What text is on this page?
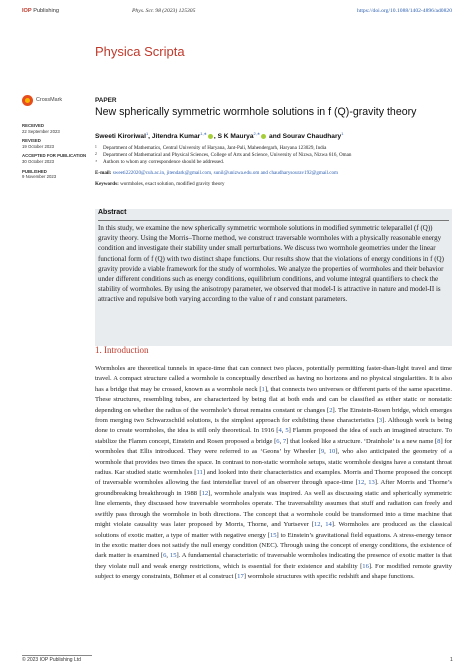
IOP Publishing	Phys. Scr. 98 (2023) 125305	https://doi.org/10.1088/1402-4896/ad0820
Physica Scripta
CrossMark	PAPER
RECEIVED
22 September 2023
REVISED
19 October 2023
ACCEPTED FOR PUBLICATION
30 October 2023
PUBLISHED
9 November 2023
New spherically symmetric wormhole solutions in f (Q)-gravity theory
Sweeti Kiroriwal$^1$, Jitendra Kumar$^{1,∗}$ , S K Maurya$^{2,∗}$ and Sourav Chaudhary$^1$
1 Department of Mathematics, Central University of Haryana, Jant-Pali, Mahendergarh, Haryana 123029, India
2 Department of Mathematical and Physical Sciences, College of Arts and Science, University of Nizwa, Nizwa 616, Oman
∗ Authors to whom any correspondence should be addressed.
E-mail: sweeti222020@cuh.ac.in, jitendark@gmail.com, sunil@unizwa.edu.om and chaudharysourav192@gmail.com
Keywords: wormholes, exact solution, modified gravity theory
Abstract
In this study, we examine the new spherically symmetric wormhole solutions in modified symmetric teleparallel (f (Q)) gravity theory. Using the Morris–Thorne method, we construct traversable wormholes with a physically reasonable energy condition and investigate their stability under small perturbations. We discuss two wormhole geometries under the linear functional form of f (Q) with two distinct shape functions. Our results show that the violations of energy conditions in f (Q) gravity provide a viable framework for the study of wormholes. We analyze the properties of wormholes and their behavior under different conditions such as energy conditions, equilibrium conditions, and volume integral quantifiers to check the stability of wormholes. By using the anisotropy parameter, we observed that model-I is attractive in nature and model-II is attractive and repulsive both varying according to the value of r and constant parameters.
1. Introduction
Wormholes are theoretical tunnels in space-time that can connect two places, potentially permitting faster-than-light travel and time travel. A compact structure called a wormhole is conceptually described as having no horizons and no physical singularities. It is also has a bridge that may be crossed, known as a wormhole neck [1], that connects two universes or different parts of the same spacetime. These structures, resembling tubes, are characterized by being flat at both ends and can be classified as either static or nonstatic depending on whether the radius of the wormhole’s throat remains constant or changes [2]. The Einstein-Rosen bridge, which emerges from merging two Schwarzschild solutions, is the simplest approach for exhibiting these characteristics [3]. Although work is being done to create wormholes, the idea is still only theoretical. In 1916 [4, 5] Flamm proposed the idea of such an imagined structure. To stabilize the Flamm concept, Einstein and Rosen proposed a bridge [6, 7] that looked like a structure. ‘Drainhole’ is a new name [8] for wormholes that Ellis introduced. They were referred to as ‘Geons’ by Wheeler [9, 10], who also anticipated the geometry of a wormhole that provides two times the space. In contrast to non-static wormhole setups, static wormhole designs have a constant throat radius. Kar studied static wormholes [11] and looked into their characteristics and examples. Morris and Thorne proposed the concept of traversable wormholes allowing the fast interstellar travel of an observer through space-time [12, 13]. After Morris and Thorne’s groundbreaking breakthrough in 1988 [12], wormhole analysis was inspired. As well as discussing static and spherically symmetric line elements, they discussed how traversable wormholes operate. The traversability assumes that stuff and radiation can freely and swiftly pass through the wormhole in both directions. The concept that a wormhole could be transformed into a time machine that might violate causality was later proposed by Morris, Thorne, and Yurtsever [12, 14]. Wormholes are produced as the classical solutions of exotic matter, a type of matter with negative energy [15] to Einstein’s gravitational field equations. A stress-energy tensor in the exotic matter does not satisfy the null energy condition (NEC). Through using the concept of energy conditions, the existence of dark matter is examined [6, 15]. A fundamental characteristic of traversable wormholes indicating the presence of exotic matter is that they violate null and weak energy restrictions, which is essential for their existence and stability [16]. For modified remote gravity subject to energy constraints, Böhmer et al construct [17] wormhole structures with specific redshift and shape functions.
© 2023 IOP Publishing Ltd	1
